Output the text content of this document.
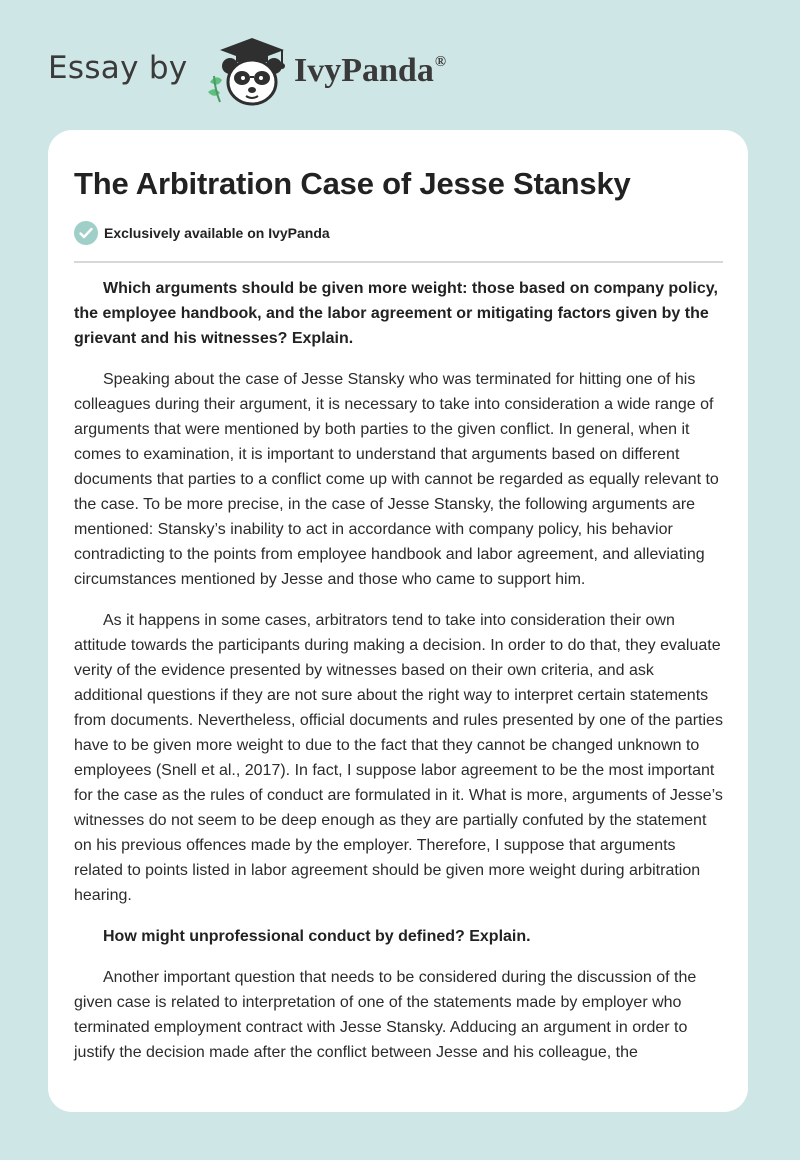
Essay by	IvyPanda®
The Arbitration Case of Jesse Stansky
Exclusively available on IvyPanda

Which arguments should be given more weight: those based on company policy, the employee handbook, and the labor agreement or mitigating factors given by the grievant and his witnesses? Explain.

Speaking about the case of Jesse Stansky who was terminated for hitting one of his colleagues during their argument, it is necessary to take into consideration a wide range of arguments that were mentioned by both parties to the given conflict. In general, when it comes to examination, it is important to understand that arguments based on different documents that parties to a conflict come up with cannot be regarded as equally relevant to the case. To be more precise, in the case of Jesse Stansky, the following arguments are mentioned: Stansky’s inability to act in accordance with company policy, his behavior contradicting to the points from employee handbook and labor agreement, and alleviating circumstances mentioned by Jesse and those who came to support him.

As it happens in some cases, arbitrators tend to take into consideration their own attitude towards the participants during making a decision. In order to do that, they evaluate verity of the evidence presented by witnesses based on their own criteria, and ask additional questions if they are not sure about the right way to interpret certain statements from documents. Nevertheless, official documents and rules presented by one of the parties have to be given more weight to due to the fact that they cannot be changed unknown to employees (Snell et al., 2017). In fact, I suppose labor agreement to be the most important for the case as the rules of conduct are formulated in it. What is more, arguments of Jesse’s witnesses do not seem to be deep enough as they are partially confuted by the statement on his previous offences made by the employer. Therefore, I suppose that arguments related to points listed in labor agreement should be given more weight during arbitration hearing.

How might unprofessional conduct by defined? Explain.

Another important question that needs to be considered during the discussion of the given case is related to interpretation of one of the statements made by employer who terminated employment contract with Jesse Stansky. Adducing an argument in order to justify the decision made after the conflict between Jesse and his colleague, the
